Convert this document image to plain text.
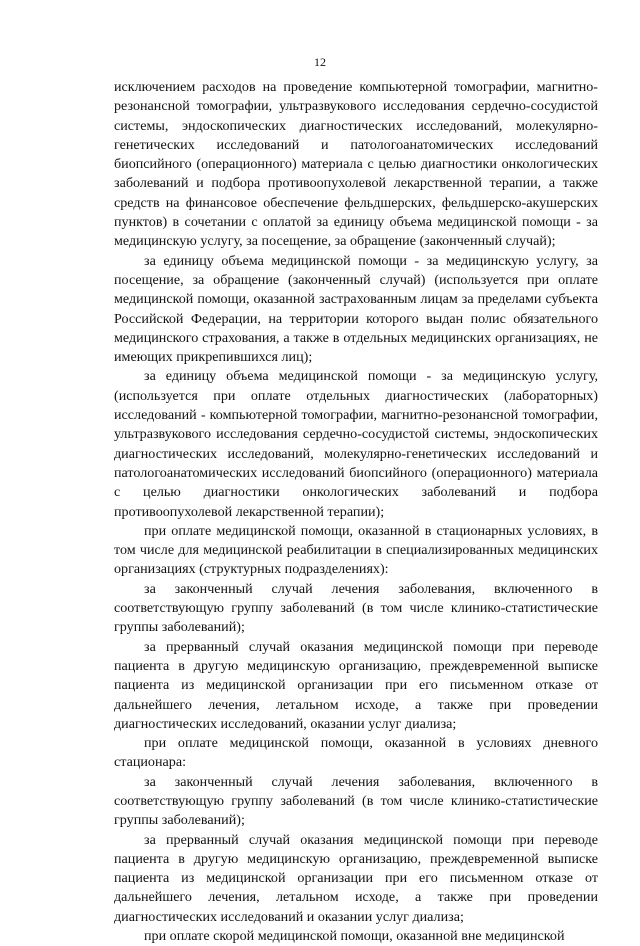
12

исключением расходов на проведение компьютерной томографии, магнитно-резонансной томографии, ультразвукового исследования сердечно-сосудистой системы, эндоскопических диагностических исследований, молекулярно-генетических исследований и патологоанатомических исследований биопсийного (операционного) материала с целью диагностики онкологических заболеваний и подбора противоопухолевой лекарственной терапии, а также средств на финансовое обеспечение фельдшерских, фельдшерско-акушерских пунктов) в сочетании с оплатой за единицу объема медицинской помощи - за медицинскую услугу, за посещение, за обращение (законченный случай);

за единицу объема медицинской помощи - за медицинскую услугу, за посещение, за обращение (законченный случай) (используется при оплате медицинской помощи, оказанной застрахованным лицам за пределами субъекта Российской Федерации, на территории которого выдан полис обязательного медицинского страхования, а также в отдельных медицинских организациях, не имеющих прикрепившихся лиц);

за единицу объема медицинской помощи - за медицинскую услугу, (используется при оплате отдельных диагностических (лабораторных) исследований - компьютерной томографии, магнитно-резонансной томографии, ультразвукового исследования сердечно-сосудистой системы, эндоскопических диагностических исследований, молекулярно-генетических исследований и патологоанатомических исследований биопсийного (операционного) материала с целью диагностики онкологических заболеваний и подбора противоопухолевой лекарственной терапии);

при оплате медицинской помощи, оказанной в стационарных условиях, в том числе для медицинской реабилитации в специализированных медицинских организациях (структурных подразделениях):

за законченный случай лечения заболевания, включенного в соответствующую группу заболеваний (в том числе клинико-статистические группы заболеваний);

за прерванный случай оказания медицинской помощи при переводе пациента в другую медицинскую организацию, преждевременной выписке пациента из медицинской организации при его письменном отказе от дальнейшего лечения, летальном исходе, а также при проведении диагностических исследований, оказании услуг диализа;

при оплате медицинской помощи, оказанной в условиях дневного стационара:

за законченный случай лечения заболевания, включенного в соответствующую группу заболеваний (в том числе клинико-статистические группы заболеваний);

за прерванный случай оказания медицинской помощи при переводе пациента в другую медицинскую организацию, преждевременной выписке пациента из медицинской организации при его письменном отказе от дальнейшего лечения, летальном исходе, а также при проведении диагностических исследований и оказании услуг диализа;

при оплате скорой медицинской помощи, оказанной вне медицинской
